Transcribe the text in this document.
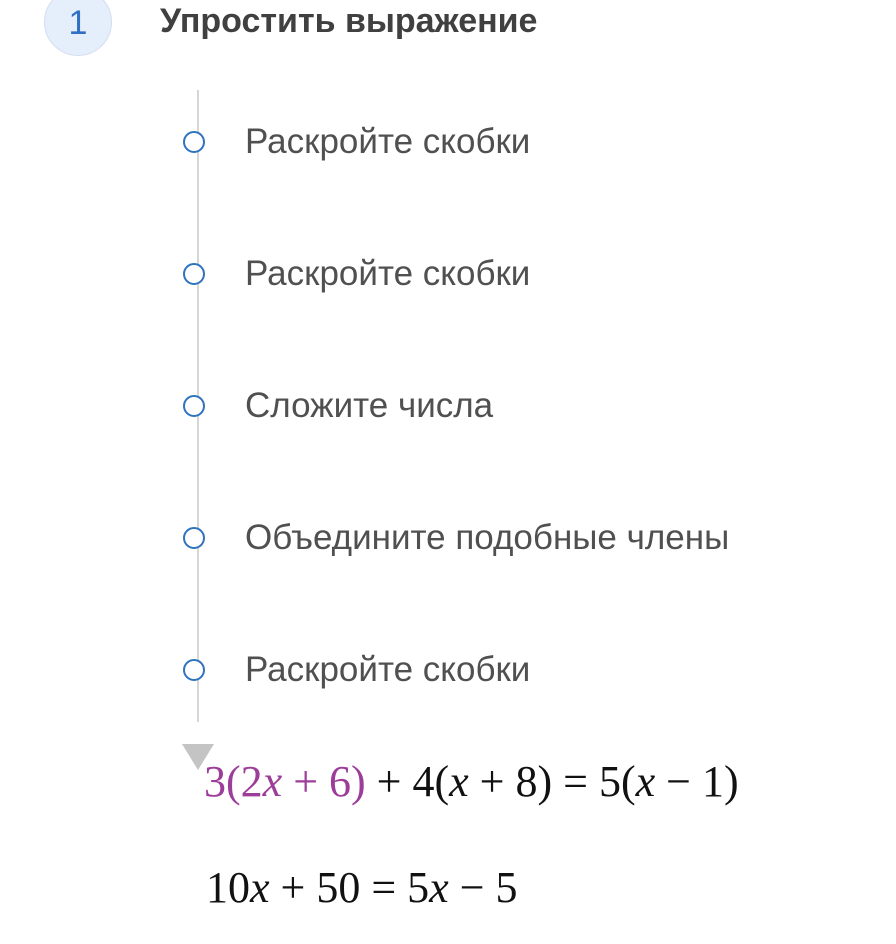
1 Упростить выражение
Раскройте скобки
Раскройте скобки
Сложите числа
Объедините подобные члены
Раскройте скобки
3(2x + 6) + 4(x + 8) = 5(x − 1)
10x + 50 = 5x − 5
